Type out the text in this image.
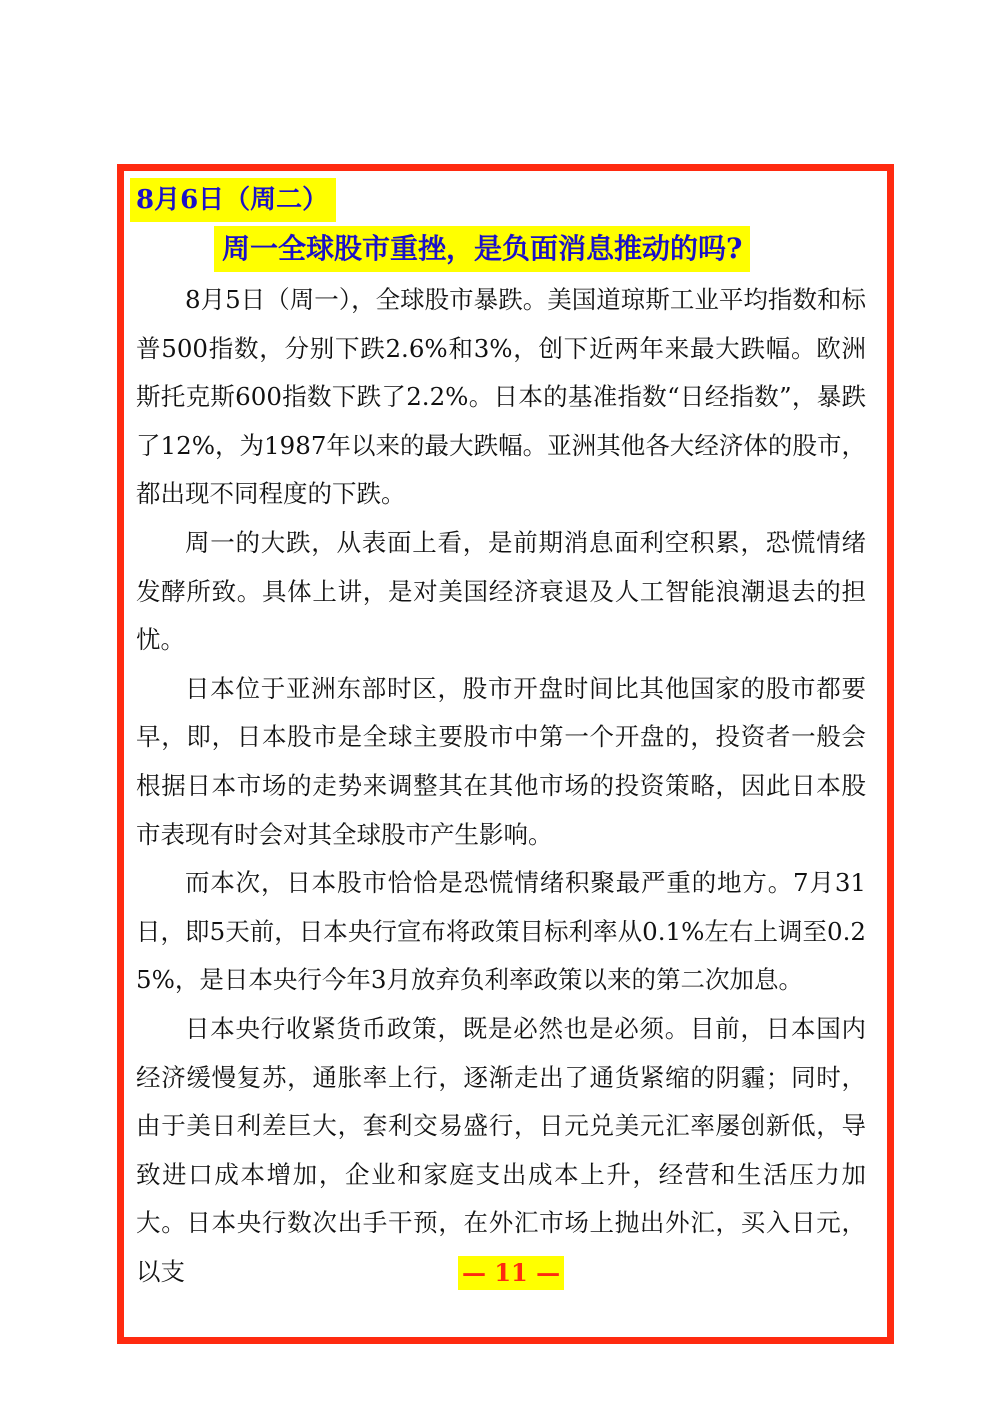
8月6日（周二）
周一全球股市重挫，是负面消息推动的吗?

8月5日（周一），全球股市暴跌。美国道琼斯工业平均指数和标普500指数，分别下跌2.6%和3%，创下近两年来最大跌幅。欧洲斯托克斯600指数下跌了2.2%。日本的基准指数“日经指数”，暴跌了12%，为1987年以来的最大跌幅。亚洲其他各大经济体的股市，都出现不同程度的下跌。

周一的大跌，从表面上看，是前期消息面利空积累，恐慌情绪发酵所致。具体上讲，是对美国经济衰退及人工智能浪潮退去的担忧。

日本位于亚洲东部时区，股市开盘时间比其他国家的股市都要早，即，日本股市是全球主要股市中第一个开盘的，投资者一般会根据日本市场的走势来调整其在其他市场的投资策略，因此日本股市表现有时会对其全球股市产生影响。

而本次，日本股市恰恰是恐慌情绪积聚最严重的地方。7月31日，即5天前，日本央行宣布将政策目标利率从0.1%左右上调至0.25%，是日本央行今年3月放弃负利率政策以来的第二次加息。

日本央行收紧货币政策，既是必然也是必须。目前，日本国内经济缓慢复苏，通胀率上行，逐渐走出了通货紧缩的阴霾；同时，由于美日利差巨大，套利交易盛行，日元兑美元汇率屡创新低，导致进口成本增加，企业和家庭支出成本上升，经营和生活压力加大。日本央行数次出手干预，在外汇市场上抛出外汇，买入日元，以支	— 11 —
